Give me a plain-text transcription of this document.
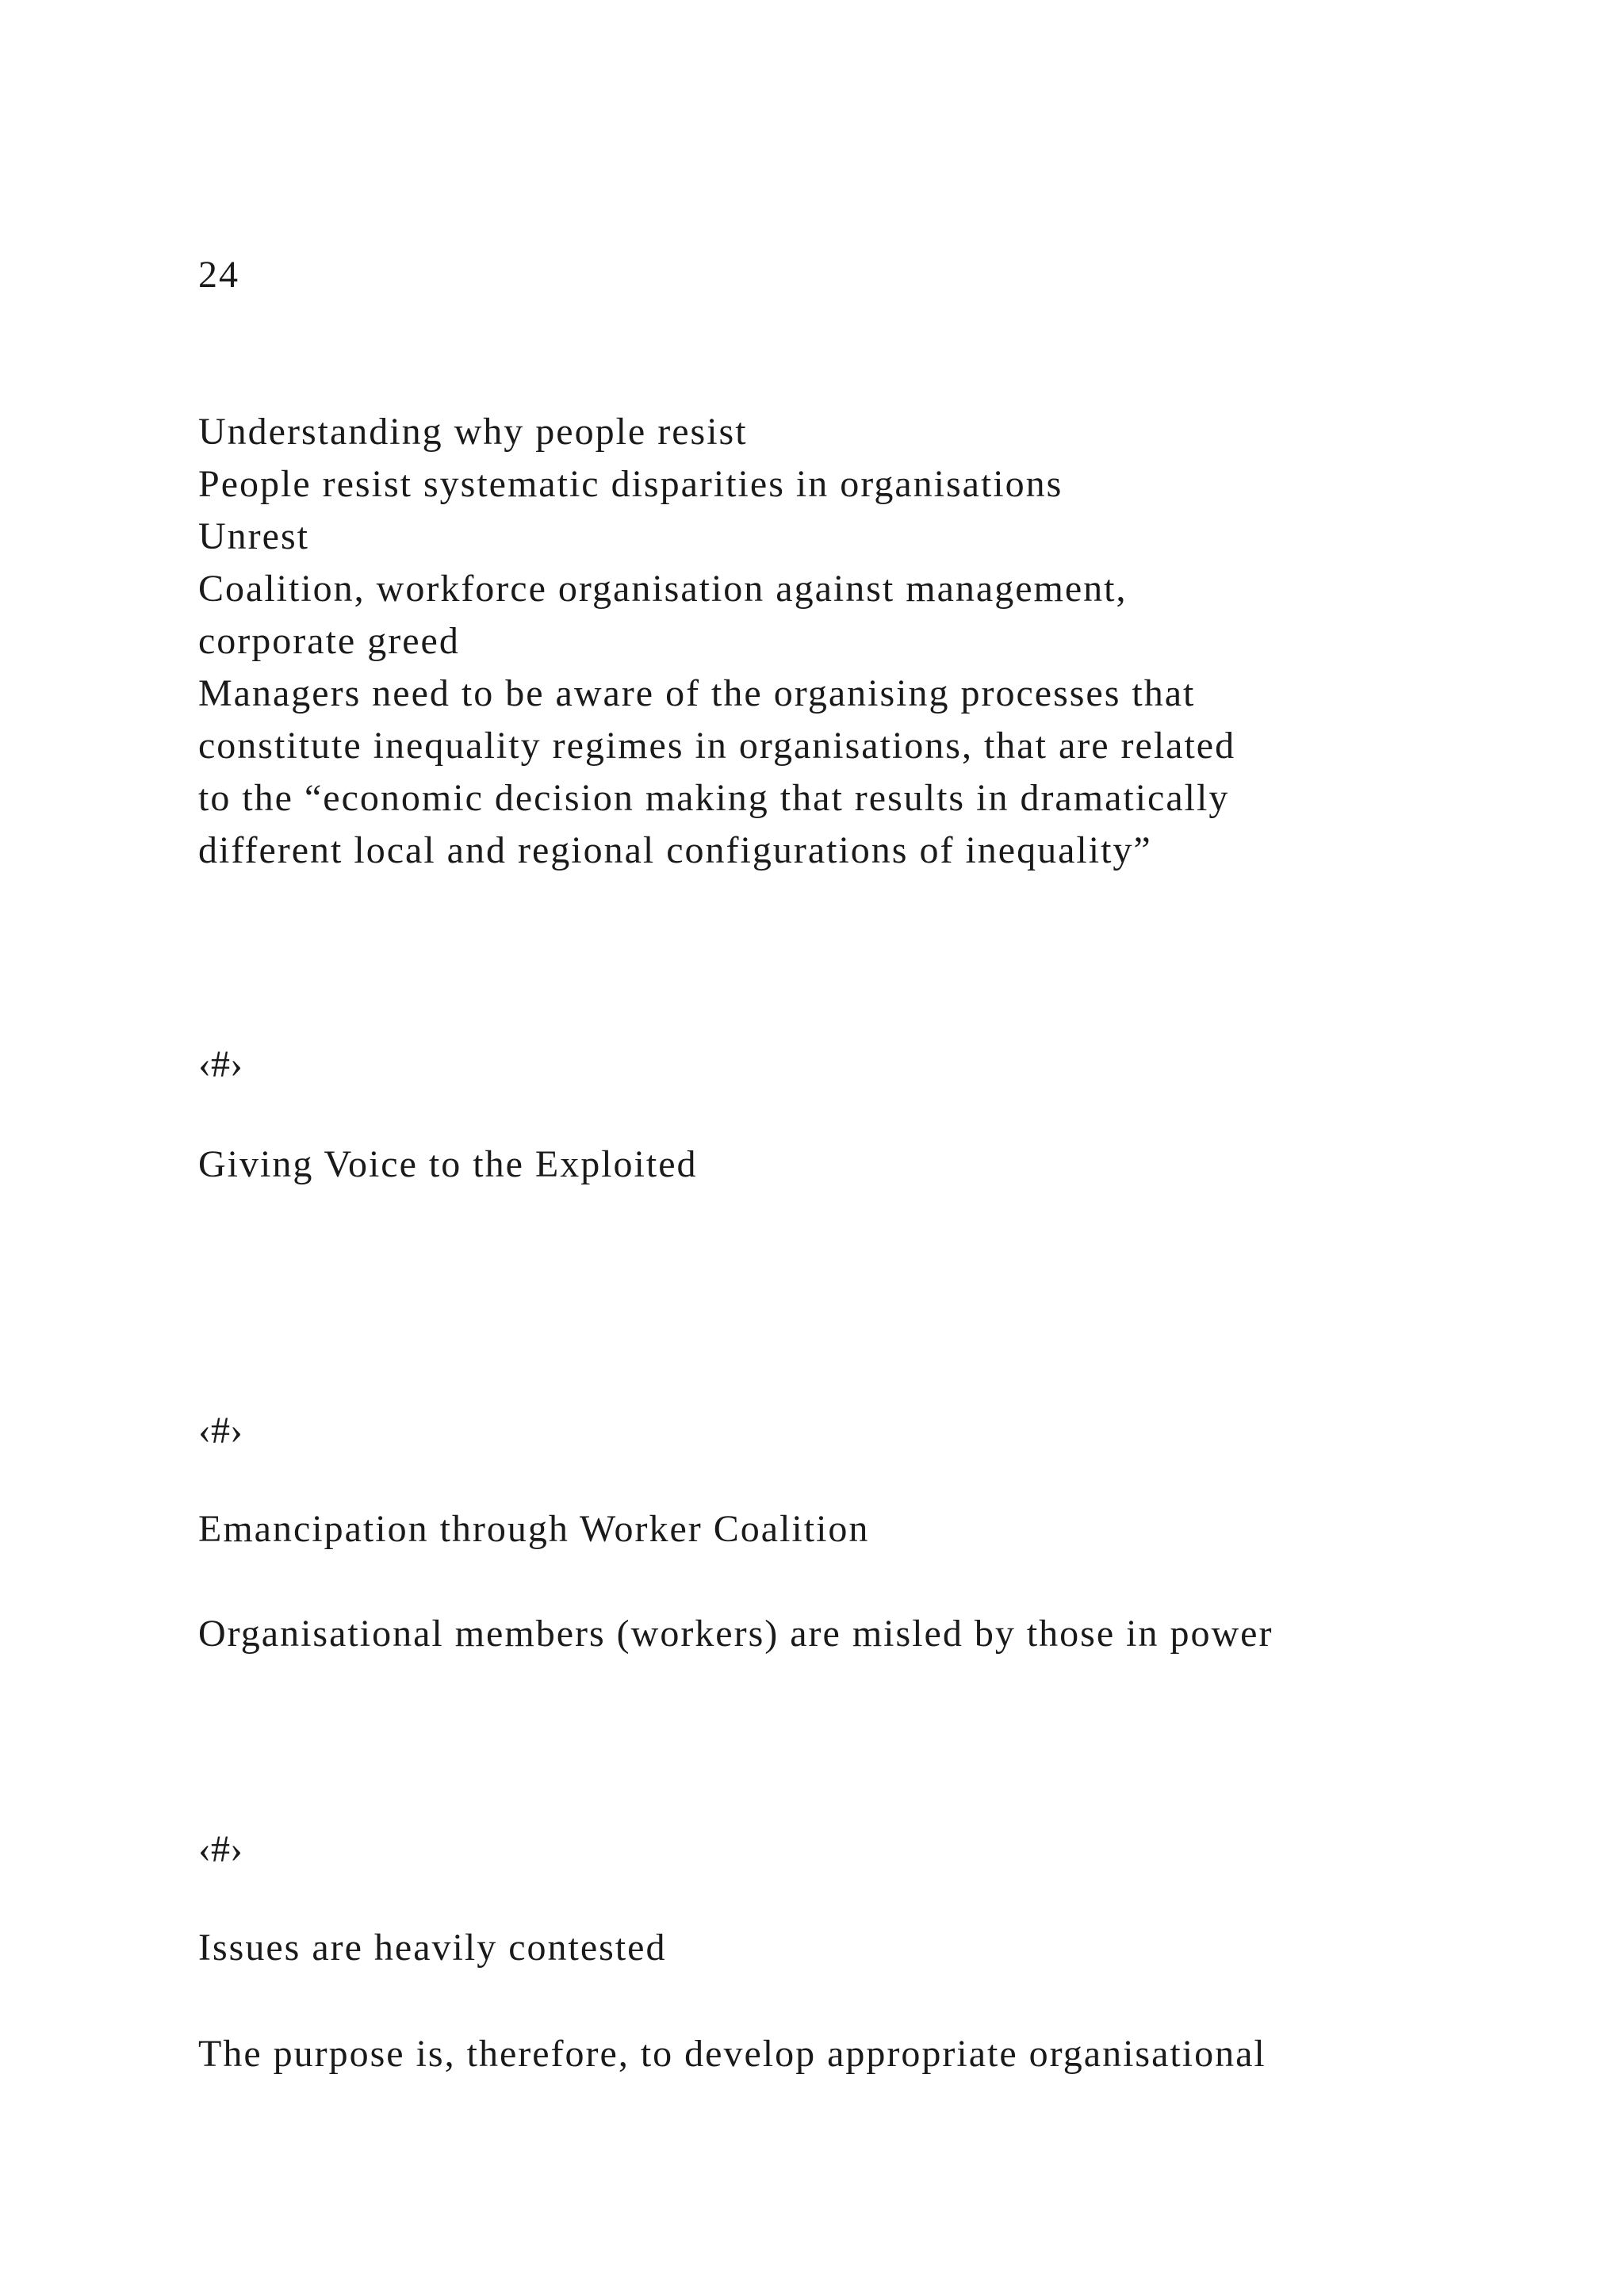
24

Understanding why people resist

People resist systematic disparities in organisations

Unrest

Coalition, workforce organisation against management,

corporate greed

Managers need to be aware of the organising processes that

constitute inequality regimes in organisations, that are related

to the “economic decision making that results in dramatically

different local and regional configurations of inequality”

‹#›

Giving Voice to the Exploited

‹#›

Emancipation through Worker Coalition

Organisational members (workers) are misled by those in power

‹#›

Issues are heavily contested

The purpose is, therefore, to develop appropriate organisational
